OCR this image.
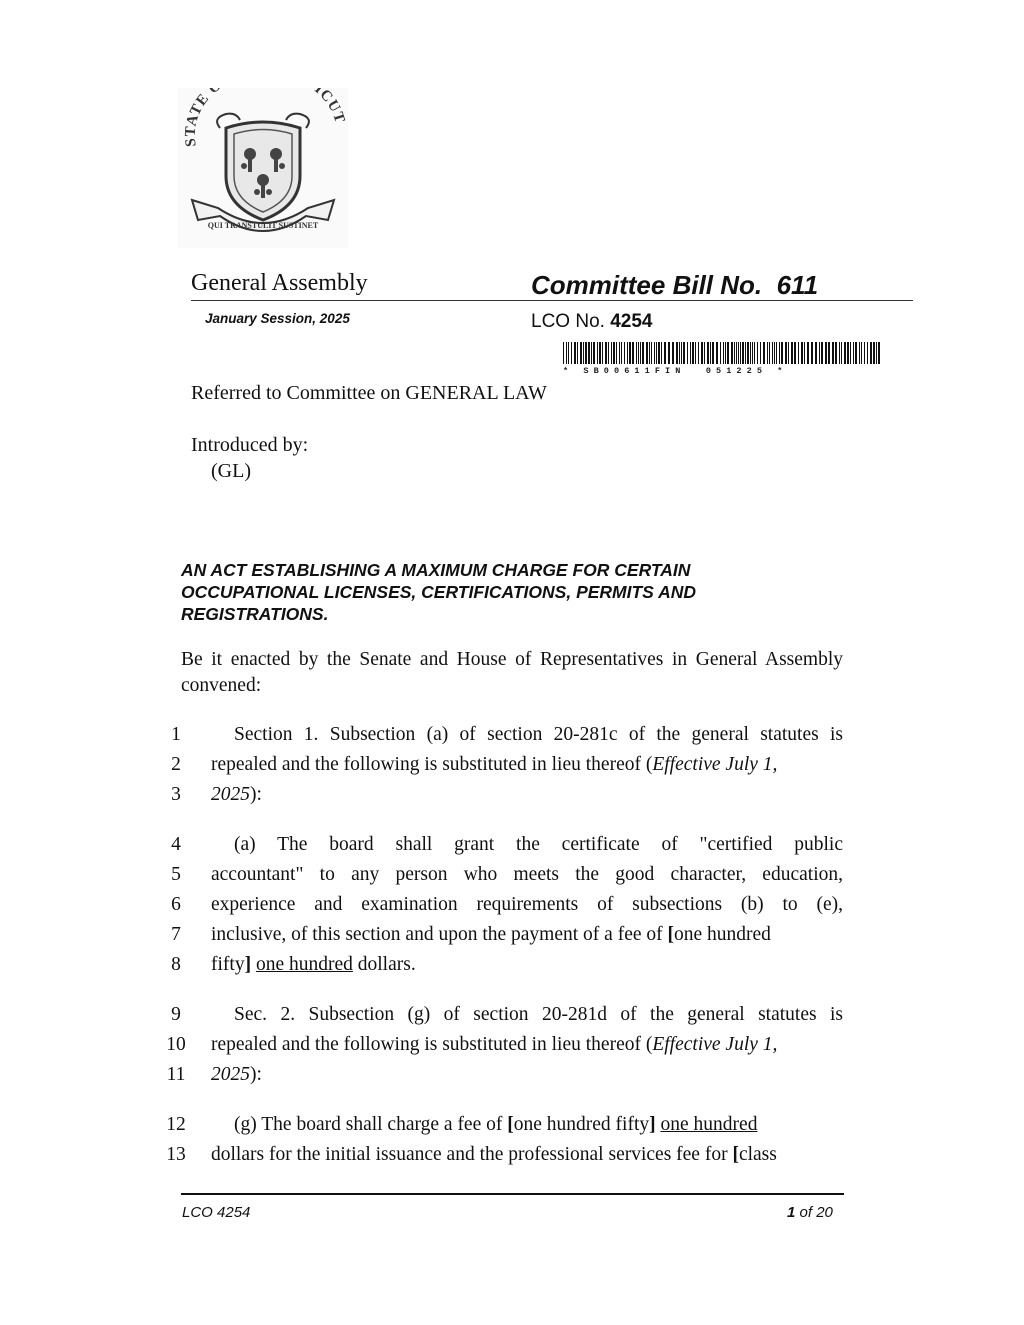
STATE ICUT
QUI TRANSTULIT SUSTINET
General Assembly	Committee Bill No.  611
January Session, 2025	LCO No. 4254
*   S B 0 0 6 1 1 F I N     0 5 1 2 2 5   *
Referred to Committee on GENERAL LAW
Introduced by:
(GL)
AN ACT ESTABLISHING A MAXIMUM CHARGE FOR CERTAIN OCCUPATIONAL LICENSES, CERTIFICATIONS, PERMITS AND REGISTRATIONS.
Be it enacted by the Senate and House of Representatives in General Assembly convened:
1
2
3
4
5
6
7
8
9
10
11
12
13
Section 1. Subsection (a) of section 20-281c of the general statutes is
repealed and the following is substituted in lieu thereof (Effective July 1,
2025):
(a) The board shall grant the certificate of "certified public
accountant" to any person who meets the good character, education,
experience and examination requirements of subsections (b) to (e),
inclusive, of this section and upon the payment of a fee of [one hundred
fifty] one hundred dollars.
Sec. 2. Subsection (g) of section 20-281d of the general statutes is
repealed and the following is substituted in lieu thereof (Effective July 1,
2025):
(g) The board shall charge a fee of [one hundred fifty] one hundred
dollars for the initial issuance and the professional services fee for [class
LCO 4254	1 of 20
